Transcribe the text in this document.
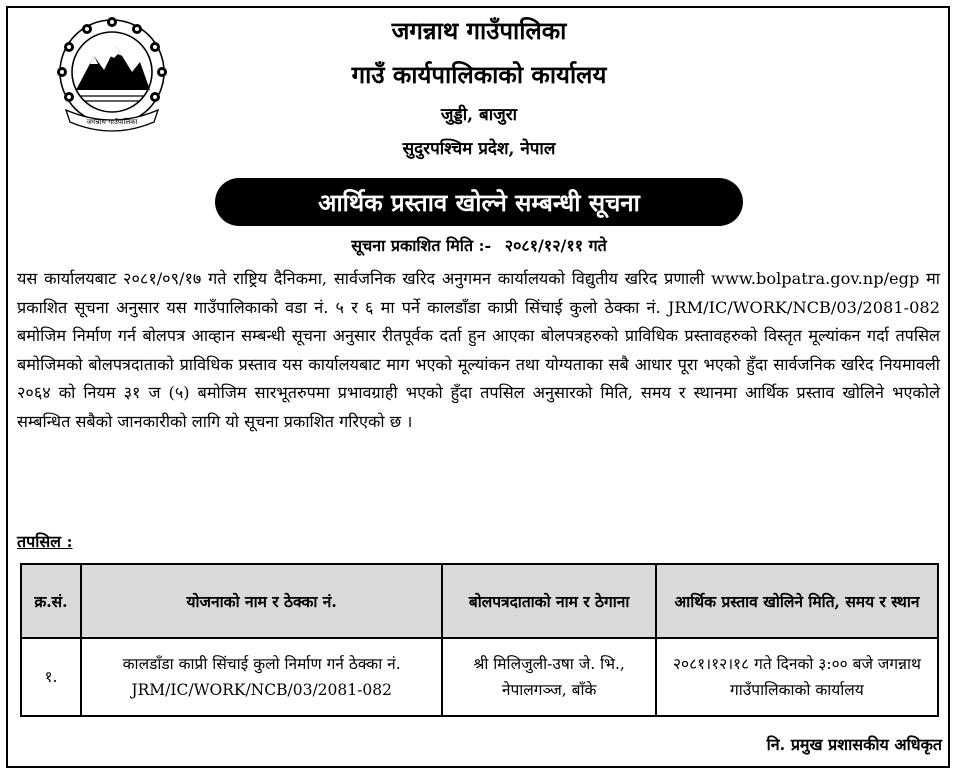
जगन्नाथ गाउँपालिका
जगन्नाथ गाउँपालिका
गाउँ कार्यपालिकाको कार्यालय
जुड्डी, बाजुरा
सुदुरपश्चिम प्रदेश, नेपाल
आर्थिक प्रस्ताव खोल्ने सम्बन्धी सूचना
सूचना प्रकाशित मिति :- २०८१/१२/११ गते
यस कार्यालयबाट २०८१/०९/१७ गते राष्ट्रिय दैनिकमा, सार्वजनिक खरिद अनुगमन कार्यालयको विद्युतीय खरिद प्रणाली www.bolpatra.gov.np/egp मा प्रकाशित सूचना अनुसार यस गाउँपालिकाको वडा नं. ५ र ६ मा पर्ने कालडाँडा काप्री सिंचाई कुलो ठेक्का नं. JRM/IC/WORK/NCB/03/2081-082 बमोजिम निर्माण गर्न बोलपत्र आव्हान सम्बन्धी सूचना अनुसार रीतपूर्वक दर्ता हुन आएका बोलपत्रहरुको प्राविधिक प्रस्तावहरुको विस्तृत मूल्यांकन गर्दा तपसिल बमोजिमको बोलपत्रदाताको प्राविधिक प्रस्ताव यस कार्यालयबाट माग भएको मूल्यांकन तथा योग्यताका सबै आधार पूरा भएको हुँदा सार्वजनिक खरिद नियमावली २०६४ को नियम ३१ ज (५) बमोजिम सारभूतरुपमा प्रभावग्राही भएको हुँदा तपसिल अनुसारको मिति, समय र स्थानमा आर्थिक प्रस्ताव खोलिने भएकोले सम्बन्धित सबैको जानकारीको लागि यो सूचना प्रकाशित गरिएको छ ।
तपसिल :
क्र.सं.	योजनाको नाम र ठेक्का नं.	बोलपत्रदाताको नाम र ठेगाना	आर्थिक प्रस्ताव खोलिने मिति, समय र स्थान
१.	कालडाँडा काप्री सिंचाई कुलो निर्माण गर्न ठेक्का नं. JRM/IC/WORK/NCB/03/2081-082	श्री मिलिजुली-उषा जे. भि., नेपालगञ्ज, बाँके	२०८१।१२।१८ गते दिनको ३:०० बजे जगन्नाथ गाउँपालिकाको कार्यालय
नि. प्रमुख प्रशासकीय अधिकृत
